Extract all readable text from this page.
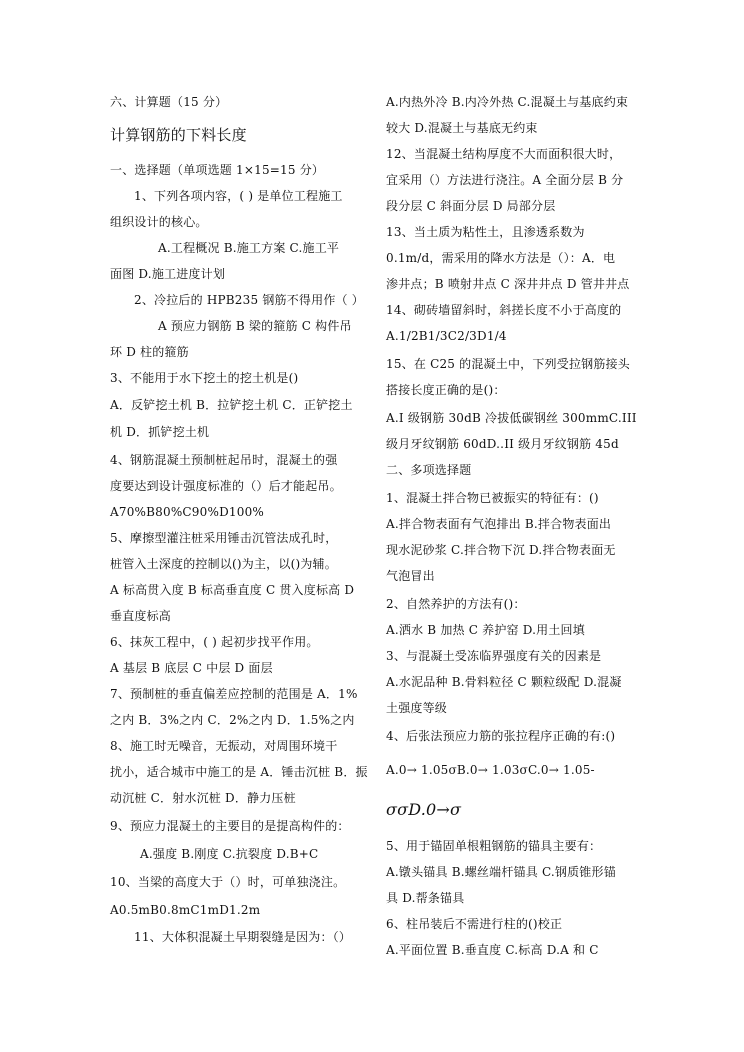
六、计算题（15 分）
计算钢筋的下料长度
一、选择题（单项选题 1×15=15 分）
1、下列各项内容，( ) 是单位工程施工
组织设计的核心。
A.工程概况 B.施工方案 C.施工平
面图 D.施工进度计划
2、冷拉后的 HPB235 钢筋不得用作（ ）
A 预应力钢筋 B 梁的箍筋 C 构件吊
环 D 柱的箍筋
3、不能用于水下挖土的挖土机是()
A．反铲挖土机 B．拉铲挖土机 C．正铲挖土
机 D．抓铲挖土机
4、钢筋混凝土预制桩起吊时，混凝土的强
度要达到设计强度标准的（）后才能起吊。
A70%B80%C90%D100%
5、摩擦型灌注桩采用锤击沉管法成孔时，
桩管入土深度的控制以()为主，以()为辅。
A 标高贯入度 B 标高垂直度 C 贯入度标高 D
垂直度标高
6、抹灰工程中，( ) 起初步找平作用。
A 基层 B 底层 C 中层 D 面层
7、预制桩的垂直偏差应控制的范围是 A．1%
之内 B．3%之内 C．2%之内 D．1.5%之内
8、施工时无噪音，无振动，对周围环境干
扰小，适合城市中施工的是 A．锤击沉桩 B．振
动沉桩 C．射水沉桩 D．静力压桩
9、预应力混凝土的主要目的是提高构件的：
A.强度 B.刚度 C.抗裂度 D.B+C
10、当梁的高度大于（）时，可单独浇注。
A0.5mB0.8mC1mD1.2m
11、大体积混凝土早期裂缝是因为：（）
A.内热外冷 B.内冷外热 C.混凝土与基底约束
较大 D.混凝土与基底无约束
12、当混凝土结构厚度不大而面积很大时，
宜采用（）方法进行浇注。A 全面分层 B 分
段分层 C 斜面分层 D 局部分层
13、当土质为粘性土，且渗透系数为
0.1m/d，需采用的降水方法是（）：A．电
渗井点；B 喷射井点 C 深井井点 D 管井井点
14、砌砖墙留斜时，斜搓长度不小于高度的
A.1/2B1/3C2/3D1/4
15、在 C25 的混凝土中，下列受拉钢筋接头
搭接长度正确的是()：
A.I 级钢筋 30dB 冷拔低碳钢丝 300mmC.III
级月牙纹钢筋 60dD..II 级月牙纹钢筋 45d
二、多项选择题
1、混凝土拌合物已被振实的特征有：()
A.拌合物表面有气泡排出 B.拌合物表面出
现水泥砂浆 C.拌合物下沉 D.拌合物表面无
气泡冒出
2、自然养护的方法有()：
A.洒水 B 加热 C 养护窑 D.用土回填
3、与混凝土受冻临界强度有关的因素是
A.水泥品种 B.骨料粒径 C 颗粒级配 D.混凝
土强度等级
4、后张法预应力筋的张拉程序正确的有:()
A.0→ 1.05σB.0→ 1.03σC.0→ 1.05-
σσD.0→σ
5、用于锚固单根粗钢筋的锚具主要有：
A.镦头锚具 B.螺丝端杆锚具 C.钢质锥形锚
具 D.帮条锚具
6、柱吊装后不需进行柱的()校正
A.平面位置 B.垂直度 C.标高 D.A 和 C
